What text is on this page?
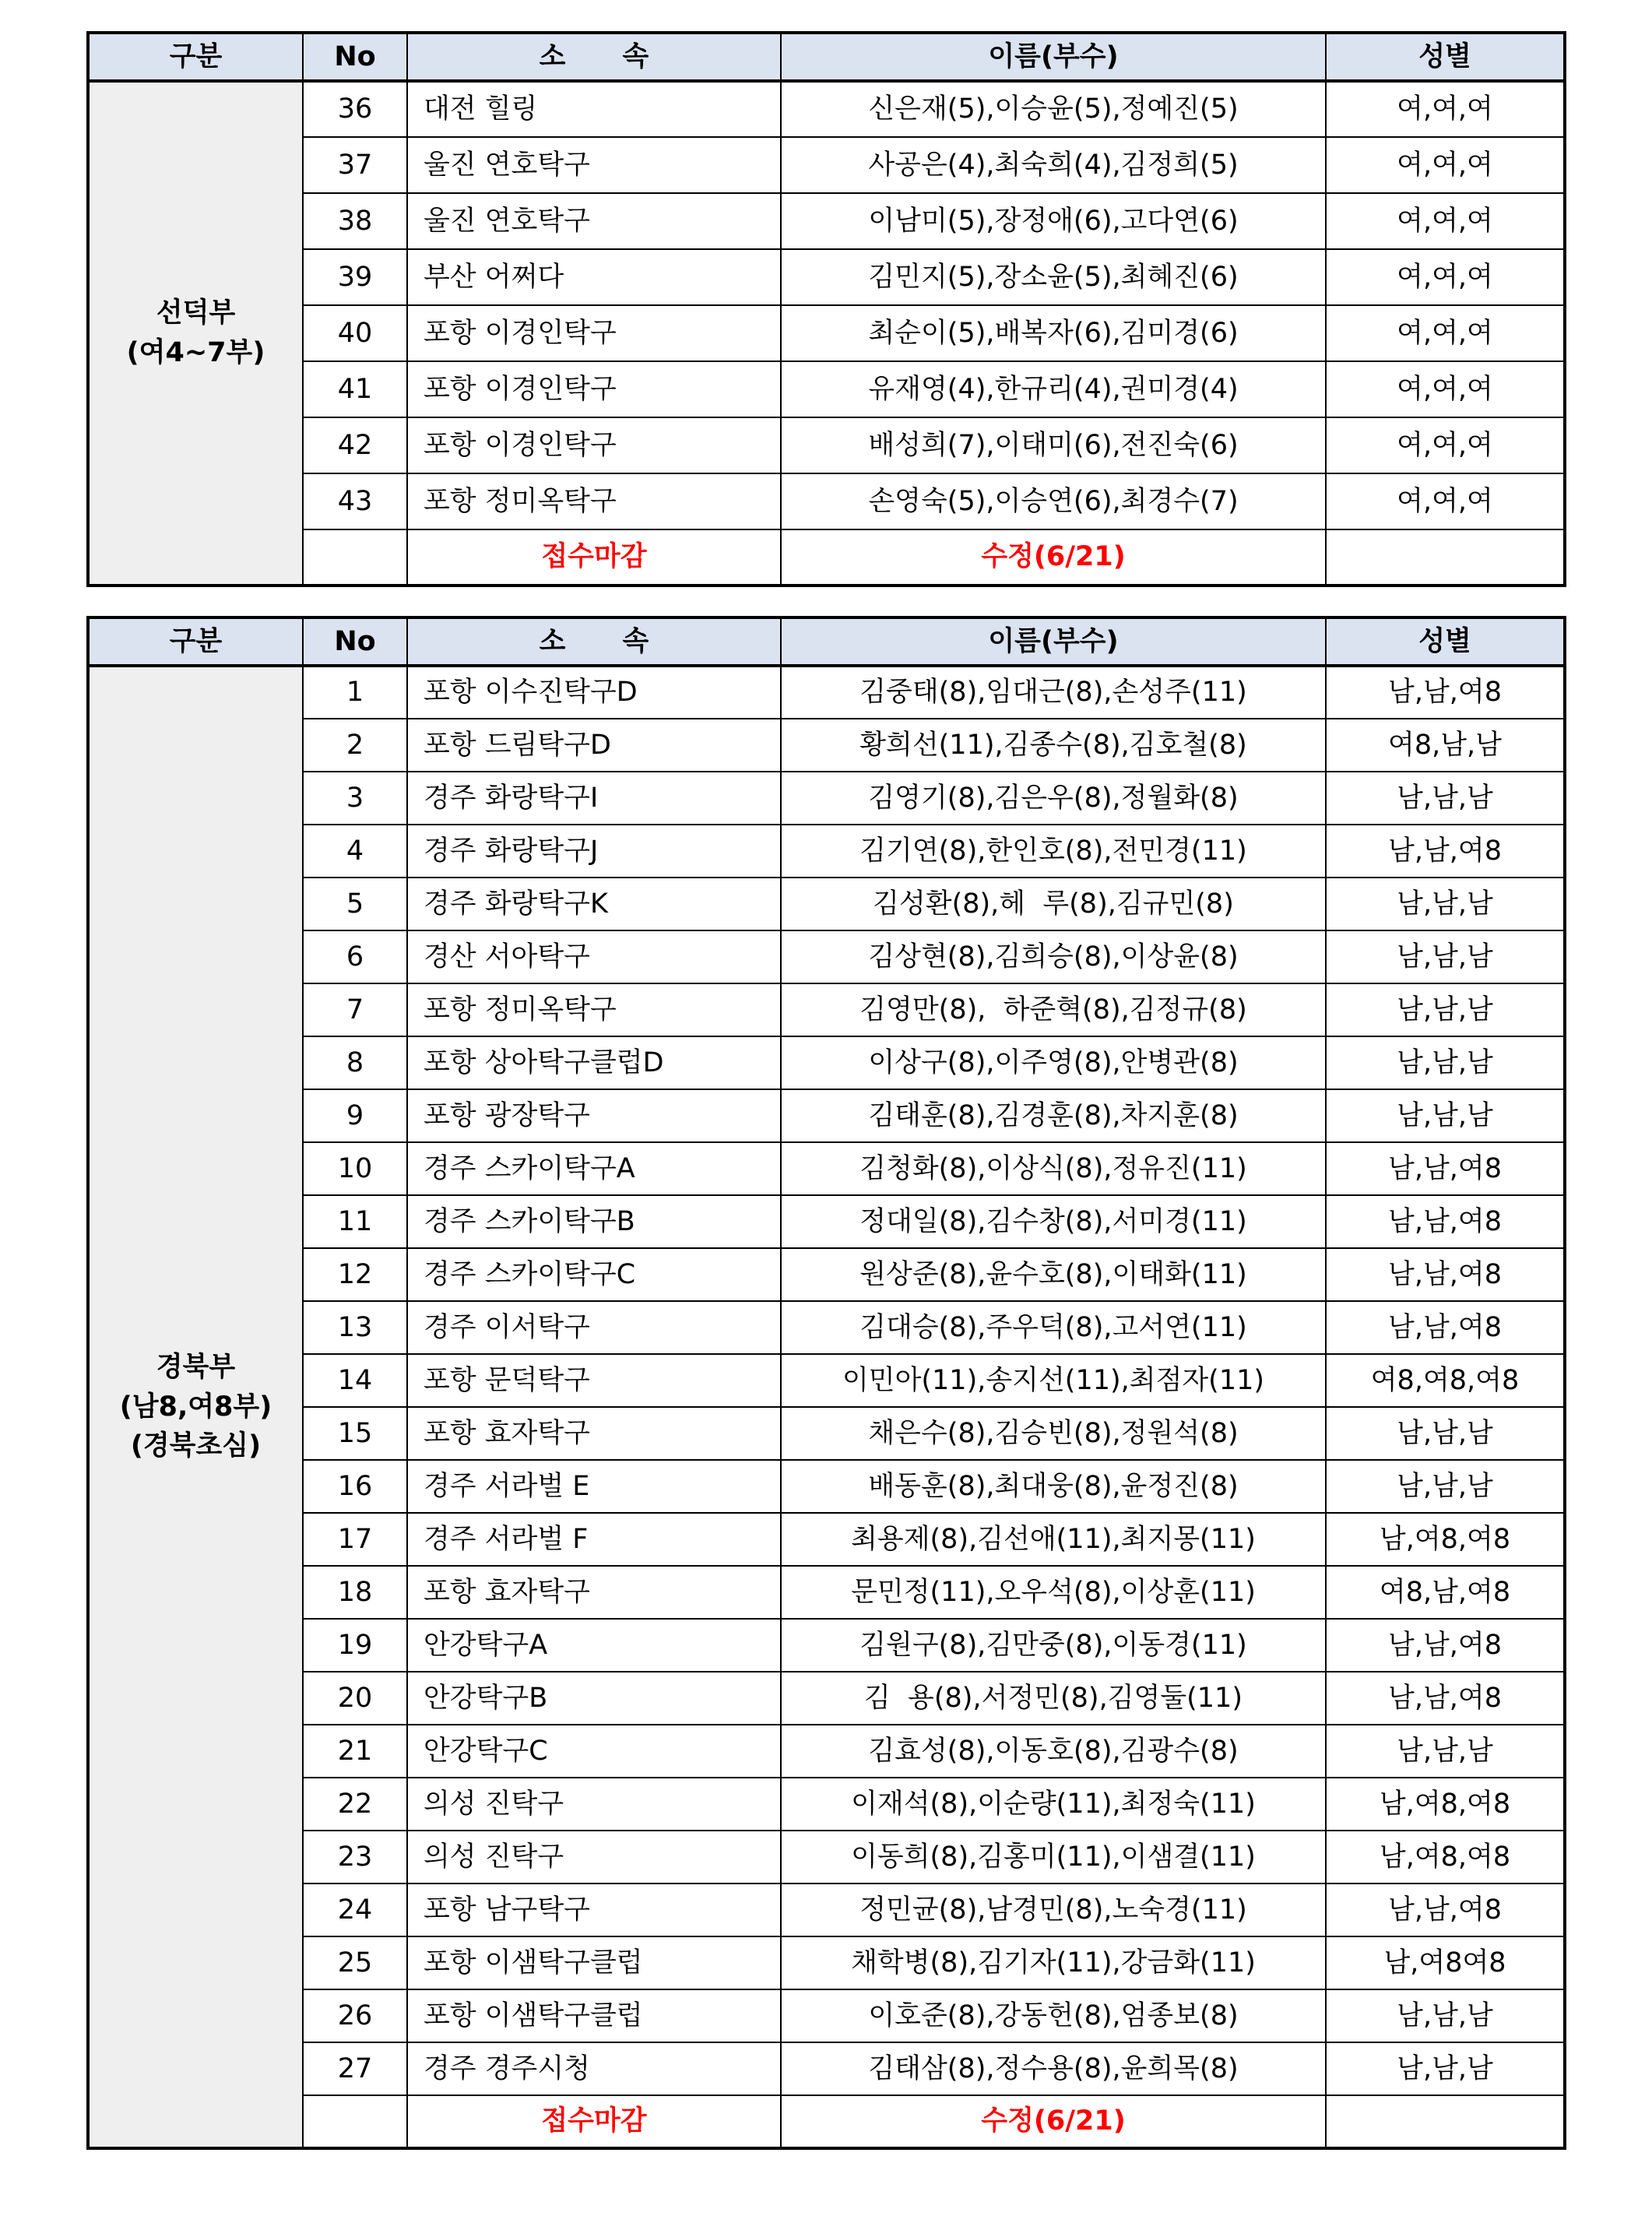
구분	No	소      속	이름(부수)	성별

선덕부
(여4~7부)	36	대전 힐링	신은재(5),이승윤(5),정예진(5)	여,여,여
	37	울진 연호탁구	사공은(4),최숙희(4),김정희(5)	여,여,여
	38	울진 연호탁구	이남미(5),장정애(6),고다연(6)	여,여,여
	39	부산 어쩌다	김민지(5),장소윤(5),최혜진(6)	여,여,여
	40	포항 이경인탁구	최순이(5),배복자(6),김미경(6)	여,여,여
	41	포항 이경인탁구	유재영(4),한규리(4),권미경(4)	여,여,여
	42	포항 이경인탁구	배성희(7),이태미(6),전진숙(6)	여,여,여
	43	포항 정미옥탁구	손영숙(5),이승연(6),최경수(7)	여,여,여
		접수마감	수정(6/21)	
구분	No	소      속	이름(부수)	성별

경북부
(남8,여8부)
(경북초심)	1	포항 이수진탁구D	김중태(8),임대근(8),손성주(11)	남,남,여8
	2	포항 드림탁구D	황희선(11),김종수(8),김호철(8)	여8,남,남
	3	경주 화랑탁구I	김영기(8),김은우(8),정월화(8)	남,남,남
	4	경주 화랑탁구J	김기연(8),한인호(8),전민경(11)	남,남,여8
	5	경주 화랑탁구K	김성환(8),헤  루(8),김규민(8)	남,남,남
	6	경산 서아탁구	김상현(8),김희승(8),이상윤(8)	남,남,남
	7	포항 정미옥탁구	김영만(8),  하준혁(8),김정규(8)	남,남,남
	8	포항 상아탁구클럽D	이상구(8),이주영(8),안병관(8)	남,남,남
	9	포항 광장탁구	김태훈(8),김경훈(8),차지훈(8)	남,남,남
	10	경주 스카이탁구A	김청화(8),이상식(8),정유진(11)	남,남,여8
	11	경주 스카이탁구B	정대일(8),김수창(8),서미경(11)	남,남,여8
	12	경주 스카이탁구C	원상준(8),윤수호(8),이태화(11)	남,남,여8
	13	경주 이서탁구	김대승(8),주우덕(8),고서연(11)	남,남,여8
	14	포항 문덕탁구	이민아(11),송지선(11),최점자(11)	여8,여8,여8
	15	포항 효자탁구	채은수(8),김승빈(8),정원석(8)	남,남,남
	16	경주 서라벌 E	배동훈(8),최대웅(8),윤정진(8)	남,남,남
	17	경주 서라벌 F	최용제(8),김선애(11),최지몽(11)	남,여8,여8
	18	포항 효자탁구	문민정(11),오우석(8),이상훈(11)	여8,남,여8
	19	안강탁구A	김원구(8),김만중(8),이동경(11)	남,남,여8
	20	안강탁구B	김  용(8),서정민(8),김영둘(11)	남,남,여8
	21	안강탁구C	김효성(8),이동호(8),김광수(8)	남,남,남
	22	의성 진탁구	이재석(8),이순량(11),최정숙(11)	남,여8,여8
	23	의성 진탁구	이동희(8),김홍미(11),이샘결(11)	남,여8,여8
	24	포항 남구탁구	정민균(8),남경민(8),노숙경(11)	남,남,여8
	25	포항 이샘탁구클럽	채학병(8),김기자(11),강금화(11)	남,여8여8
	26	포항 이샘탁구클럽	이호준(8),강동헌(8),엄종보(8)	남,남,남
	27	경주 경주시청	김태삼(8),정수용(8),윤희목(8)	남,남,남
		접수마감	수정(6/21)	
